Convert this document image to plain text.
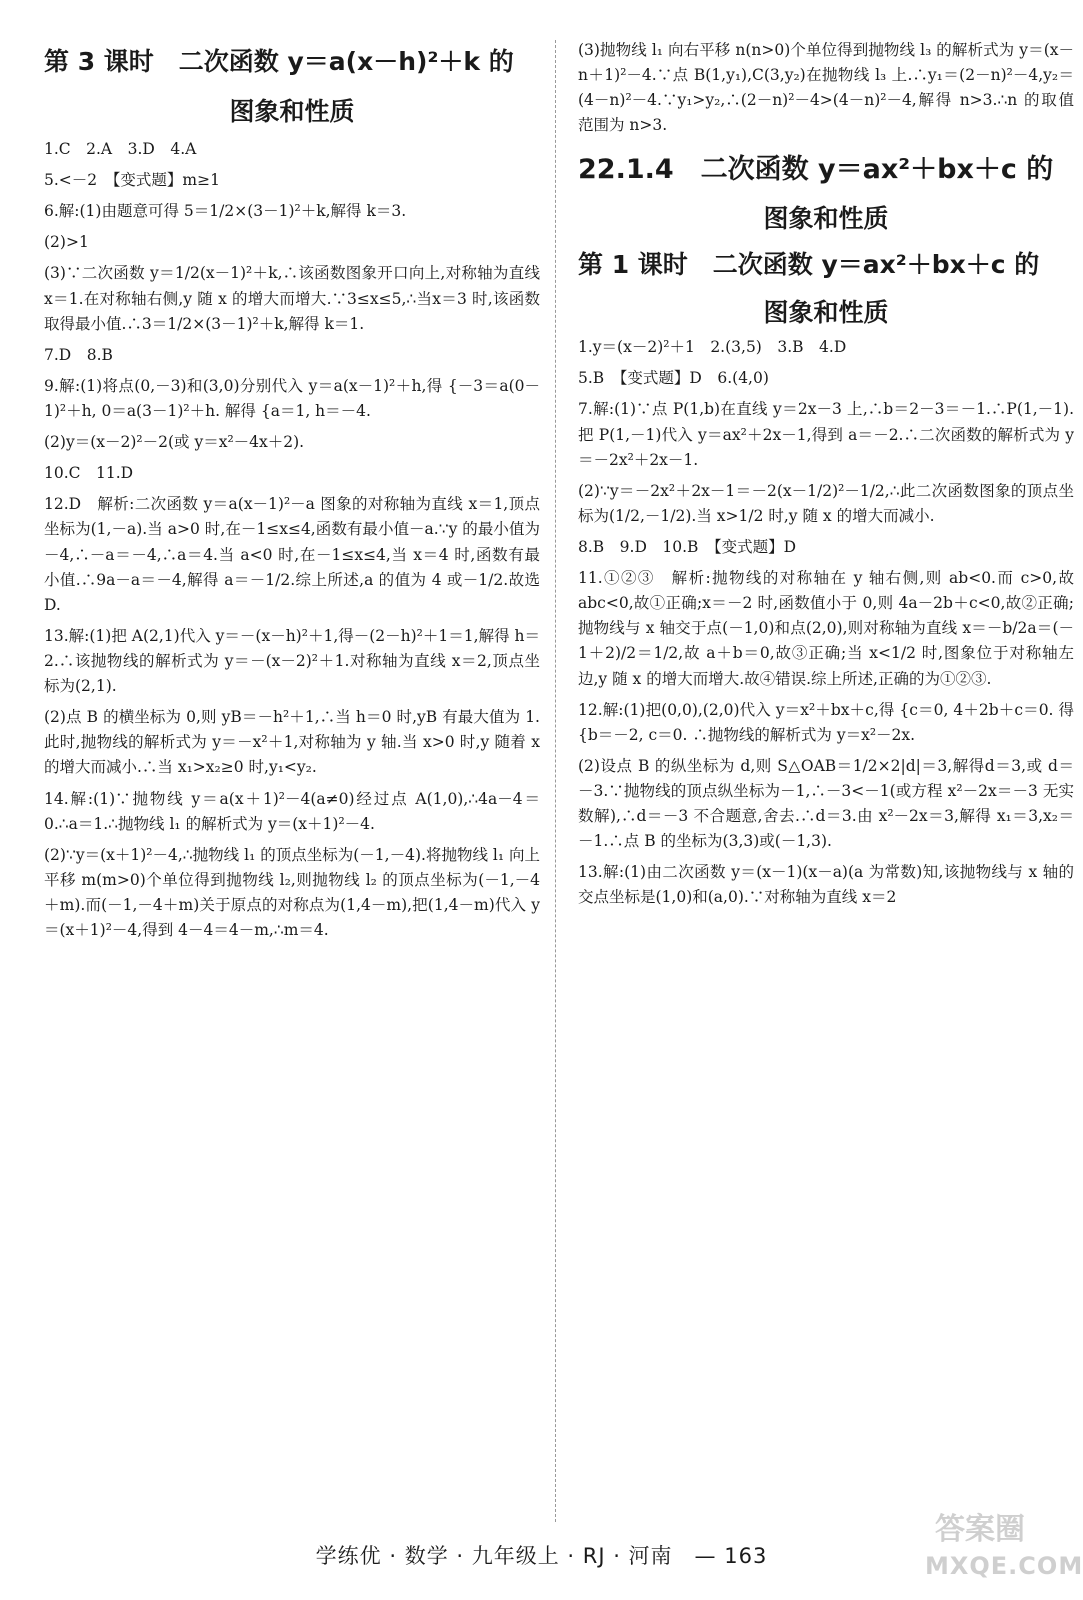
第 3 课时　二次函数 y＝a(x－h)²＋k 的
图象和性质

1.C　2.A　3.D　4.A

5.<－2　【变式题】m≥1

6.解:(1)由题意可得 5＝1/2×(3－1)²＋k,解得 k＝3.

(2)>1

(3)∵二次函数 y＝1/2(x－1)²＋k,∴该函数图象开口向上,对称轴为直线 x＝1.在对称轴右侧,y 随 x 的增大而增大.∵3≤x≤5,∴当x＝3 时,该函数取得最小值.∴3＝1/2×(3－1)²＋k,解得 k＝1.

7.D　8.B

9.解:(1)将点(0,－3)和(3,0)分别代入 y＝a(x－1)²＋h,得 {－3＝a(0－1)²＋h, 0＝a(3－1)²＋h. 解得 {a＝1, h＝－4.

(2)y＝(x－2)²－2(或 y＝x²－4x＋2).

10.C　11.D

12.D　解析:二次函数 y＝a(x－1)²－a 图象的对称轴为直线 x＝1,顶点坐标为(1,－a).当 a>0 时,在－1≤x≤4,函数有最小值－a.∵y 的最小值为－4,∴－a＝－4,∴a＝4.当 a<0 时,在－1≤x≤4,当 x＝4 时,函数有最小值.∴9a－a＝－4,解得 a＝－1/2.综上所述,a 的值为 4 或－1/2.故选 D.

13.解:(1)把 A(2,1)代入 y＝－(x－h)²＋1,得－(2－h)²＋1＝1,解得 h＝2.∴该抛物线的解析式为 y＝－(x－2)²＋1.对称轴为直线 x＝2,顶点坐标为(2,1).

(2)点 B 的横坐标为 0,则 yB＝－h²＋1,∴当 h＝0 时,yB 有最大值为 1.此时,抛物线的解析式为 y＝－x²＋1,对称轴为 y 轴.当 x>0 时,y 随着 x 的增大而减小.∴当 x₁>x₂≥0 时,y₁<y₂.

14.解:(1)∵抛物线 y＝a(x＋1)²－4(a≠0)经过点 A(1,0),∴4a－4＝0.∴a＝1.∴抛物线 l₁ 的解析式为 y＝(x＋1)²－4.

(2)∵y＝(x＋1)²－4,∴抛物线 l₁ 的顶点坐标为(－1,－4).将抛物线 l₁ 向上平移 m(m>0)个单位得到抛物线 l₂,则抛物线 l₂ 的顶点坐标为(－1,－4＋m).而(－1,－4＋m)关于原点的对称点为(1,4－m),把(1,4－m)代入 y＝(x＋1)²－4,得到 4－4＝4－m,∴m＝4.

(3)抛物线 l₁ 向右平移 n(n>0)个单位得到抛物线 l₃ 的解析式为 y＝(x－n＋1)²－4.∵点 B(1,y₁),C(3,y₂)在抛物线 l₃ 上.∴y₁＝(2－n)²－4,y₂＝(4－n)²－4.∵y₁>y₂,∴(2－n)²－4>(4－n)²－4,解得 n>3.∴n 的取值范围为 n>3.

22.1.4　二次函数 y＝ax²＋bx＋c 的
图象和性质
第 1 课时　二次函数 y＝ax²＋bx＋c 的
图象和性质

1.y＝(x－2)²＋1　2.(3,5)　3.B　4.D

5.B　【变式题】D　6.(4,0)

7.解:(1)∵点 P(1,b)在直线 y＝2x－3 上,∴b＝2－3＝－1.∴P(1,－1).把 P(1,－1)代入 y＝ax²＋2x－1,得到 a＝－2.∴二次函数的解析式为 y＝－2x²＋2x－1.

(2)∵y＝－2x²＋2x－1＝－2(x－1/2)²－1/2,∴此二次函数图象的顶点坐标为(1/2,－1/2).当 x>1/2 时,y 随 x 的增大而减小.

8.B　9.D　10.B　【变式题】D

11.①②③　解析:抛物线的对称轴在 y 轴右侧,则 ab<0.而 c>0,故 abc<0,故①正确;x＝－2 时,函数值小于 0,则 4a－2b＋c<0,故②正确;抛物线与 x 轴交于点(－1,0)和点(2,0),则对称轴为直线 x＝－b/2a＝(－1＋2)/2＝1/2,故 a＋b＝0,故③正确;当 x<1/2 时,图象位于对称轴左边,y 随 x 的增大而增大.故④错误.综上所述,正确的为①②③.

12.解:(1)把(0,0),(2,0)代入 y＝x²＋bx＋c,得 {c＝0, 4＋2b＋c＝0. 得 {b＝－2, c＝0. ∴抛物线的解析式为 y＝x²－2x.

(2)设点 B 的纵坐标为 d,则 S△OAB＝1/2×2|d|＝3,解得d＝3,或 d＝－3.∵抛物线的顶点纵坐标为－1,∴－3<－1(或方程 x²－2x＝－3 无实数解),∴d＝－3 不合题意,舍去.∴d＝3.由 x²－2x＝3,解得 x₁＝3,x₂＝－1.∴点 B 的坐标为(3,3)或(－1,3).

13.解:(1)由二次函数 y＝(x－1)(x－a)(a 为常数)知,该抛物线与 x 轴的交点坐标是(1,0)和(a,0).∵对称轴为直线 x＝2

学练优 · 数学 · 九年级上 · RJ · 河南　— 163
答案圈
MXQE.COM
